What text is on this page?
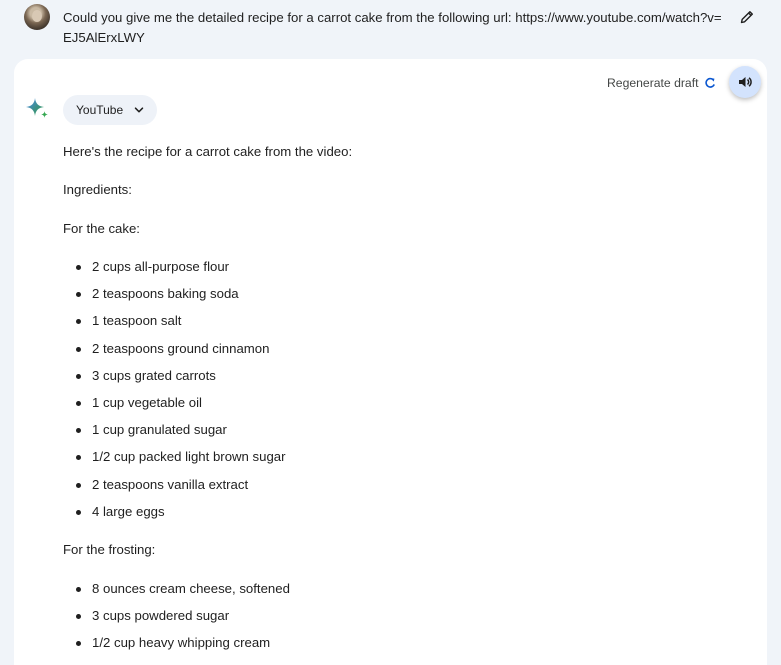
Could you give me the detailed recipe for a carrot cake from the following url: https://www.youtube.com/watch?v=EJ5AlErxLWY
Regenerate draft
YouTube

Here's the recipe for a carrot cake from the video:

Ingredients:

For the cake:

2 cups all-purpose flour
2 teaspoons baking soda
1 teaspoon salt
2 teaspoons ground cinnamon
3 cups grated carrots
1 cup vegetable oil
1 cup granulated sugar
1/2 cup packed light brown sugar
2 teaspoons vanilla extract
4 large eggs

For the frosting:

8 ounces cream cheese, softened
3 cups powdered sugar
1/2 cup heavy whipping cream
